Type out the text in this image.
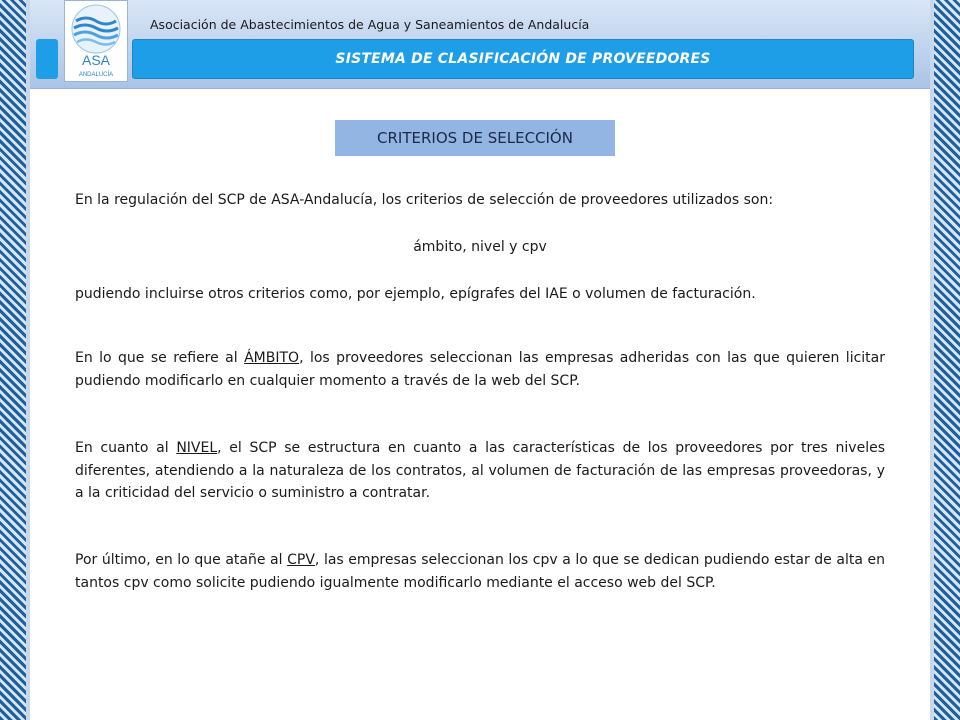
ASA
ANDALUCÍA
Asociación de Abastecimientos de Agua y Saneamientos de Andalucía
SISTEMA DE CLASIFICACIÓN DE PROVEEDORES
CRITERIOS DE SELECCIÓN
En la regulación del SCP de ASA-Andalucía, los criterios de selección de proveedores utilizados son:
ámbito, nivel y cpv
pudiendo incluirse otros criterios como, por ejemplo, epígrafes del IAE o volumen de facturación.
En lo que se refiere al ÁMBITO, los proveedores seleccionan las empresas adheridas con las que quieren licitar pudiendo modificarlo en cualquier momento a través de la web del SCP.
En cuanto al NIVEL, el SCP se estructura en cuanto a las características de los proveedores por tres niveles diferentes, atendiendo a la naturaleza de los contratos, al volumen de facturación de las empresas proveedoras, y a la criticidad del servicio o suministro a contratar.
Por último, en lo que atañe al CPV, las empresas seleccionan los cpv a lo que se dedican pudiendo estar de alta en tantos cpv como solicite pudiendo igualmente modificarlo mediante el acceso web del SCP.
